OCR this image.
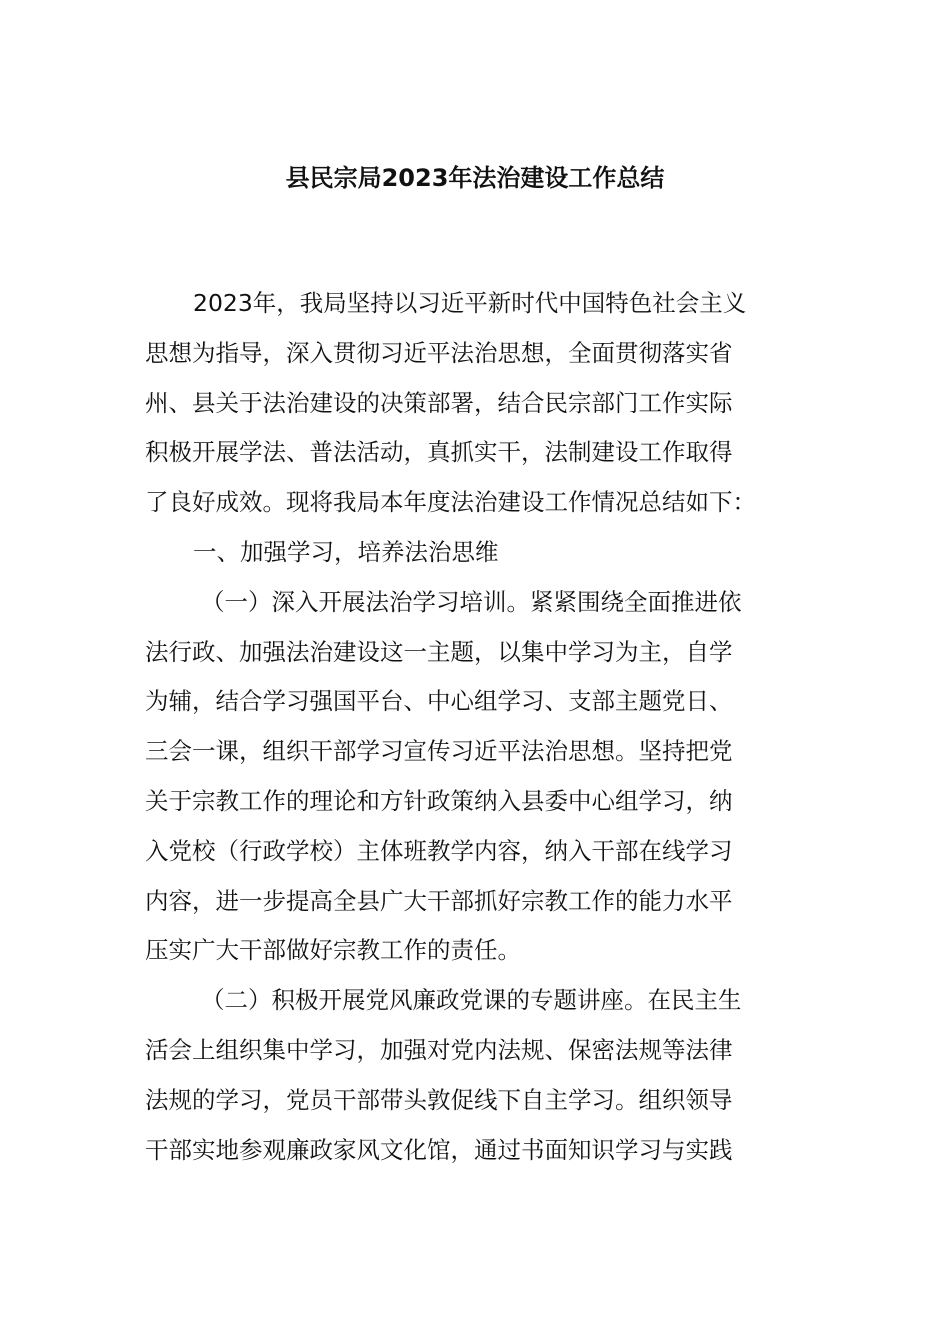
县民宗局2023年法治建设工作总结
2023年，我局坚持以习近平新时代中国特色社会主义
思想为指导，深入贯彻习近平法治思想，全面贯彻落实省
州、县关于法治建设的决策部署，结合民宗部门工作实际
积极开展学法、普法活动，真抓实干，法制建设工作取得
了良好成效。现将我局本年度法治建设工作情况总结如下：
一、加强学习，培养法治思维
（一）深入开展法治学习培训。紧紧围绕全面推进依
法行政、加强法治建设这一主题，以集中学习为主，自学
为辅，结合学习强国平台、中心组学习、支部主题党日、
三会一课，组织干部学习宣传习近平法治思想。坚持把党
关于宗教工作的理论和方针政策纳入县委中心组学习，纳
入党校（行政学校）主体班教学内容，纳入干部在线学习
内容，进一步提高全县广大干部抓好宗教工作的能力水平
压实广大干部做好宗教工作的责任。
（二）积极开展党风廉政党课的专题讲座。在民主生
活会上组织集中学习，加强对党内法规、保密法规等法律
法规的学习，党员干部带头敦促线下自主学习。组织领导
干部实地参观廉政家风文化馆，通过书面知识学习与实践
